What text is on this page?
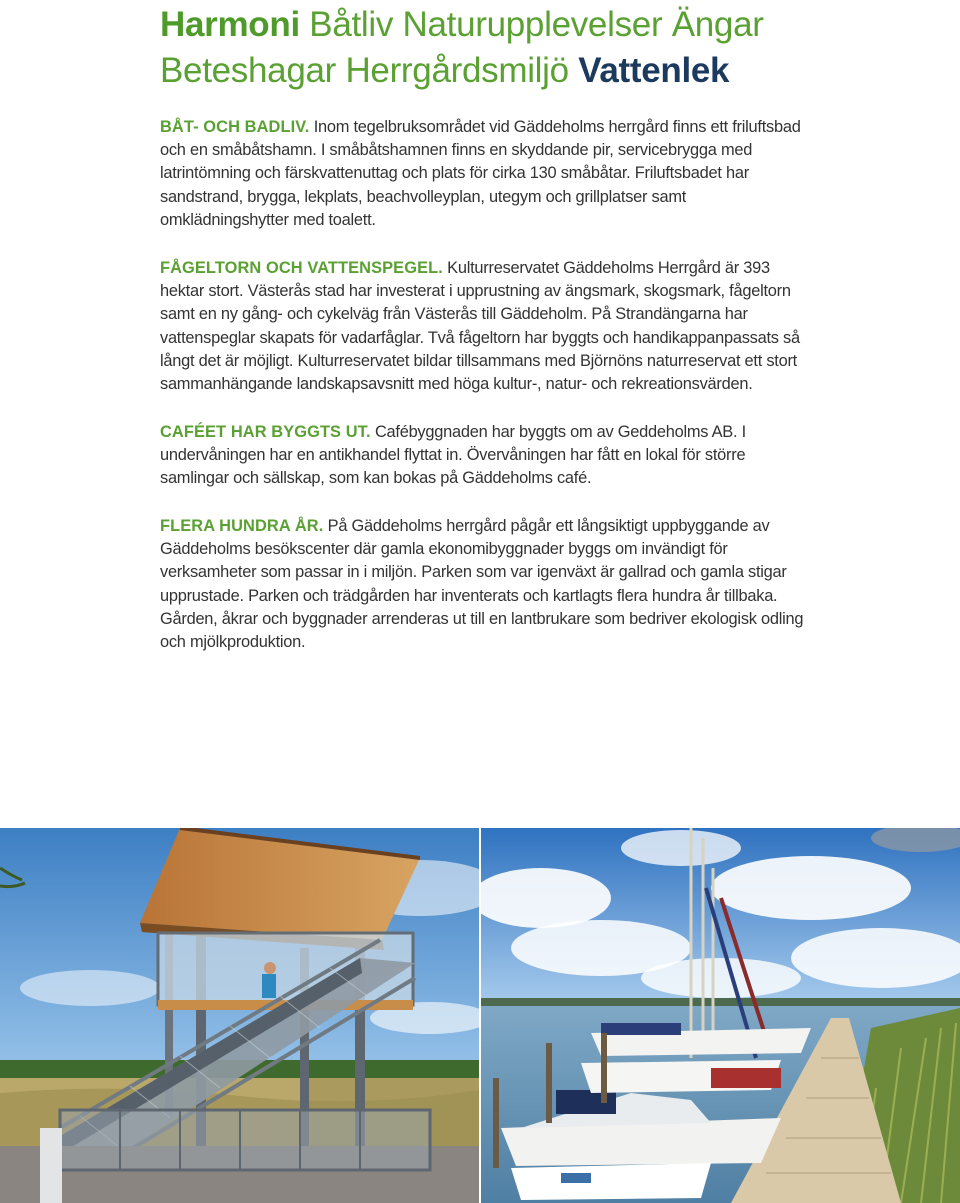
Harmoni Båtliv Naturupplevelser Ängar
Beteshagar Herrgårdsmiljö Vattenlek

BÅT- OCH BADLIV. Inom tegelbruksområdet vid Gäddeholms herrgård finns ett friluftsbad och en småbåtshamn. I småbåtshamnen finns en skyddande pir, servicebrygga med latrintömning och färskvattenuttag och plats för cirka 130 småbåtar. Friluftsbadet har sandstrand, brygga, lekplats, beachvolleyplan, utegym och grillplatser samt omklädningshytter med toalett.

FÅGELTORN OCH VATTENSPEGEL. Kulturreservatet Gäddeholms Herrgård är 393 hektar stort. Västerås stad har investerat i upprustning av ängsmark, skogsmark, fågeltorn samt en ny gång- och cykelväg från Västerås till Gäddeholm. På Strandängarna har vattenspeglar skapats för vadarfåglar. Två fågeltorn har byggts och handikappanpassats så långt det är möjligt. Kulturreservatet bildar tillsammans med Björnöns naturreservat ett stort sammanhängande landskapsavsnitt med höga kultur-, natur- och rekreationsvärden.

CAFÉET HAR BYGGTS UT. Cafébyggnaden har byggts om av Geddeholms AB. I undervåningen har en antikhandel flyttat in. Övervåningen har fått en lokal för större samlingar och sällskap, som kan bokas på Gäddeholms café.

FLERA HUNDRA ÅR. På Gäddeholms herrgård pågår ett långsiktigt uppbyggande av Gäddeholms besökscenter där gamla ekonomibyggnader byggs om invändigt för verksamheter som passar in i miljön. Parken som var igenväxt är gallrad och gamla stigar upprustade. Parken och trädgården har inventerats och kartlagts flera hundra år tillbaka. Gården, åkrar och byggnader arrenderas ut till en lantbrukare som bedriver ekologisk odling och mjölkproduktion.
